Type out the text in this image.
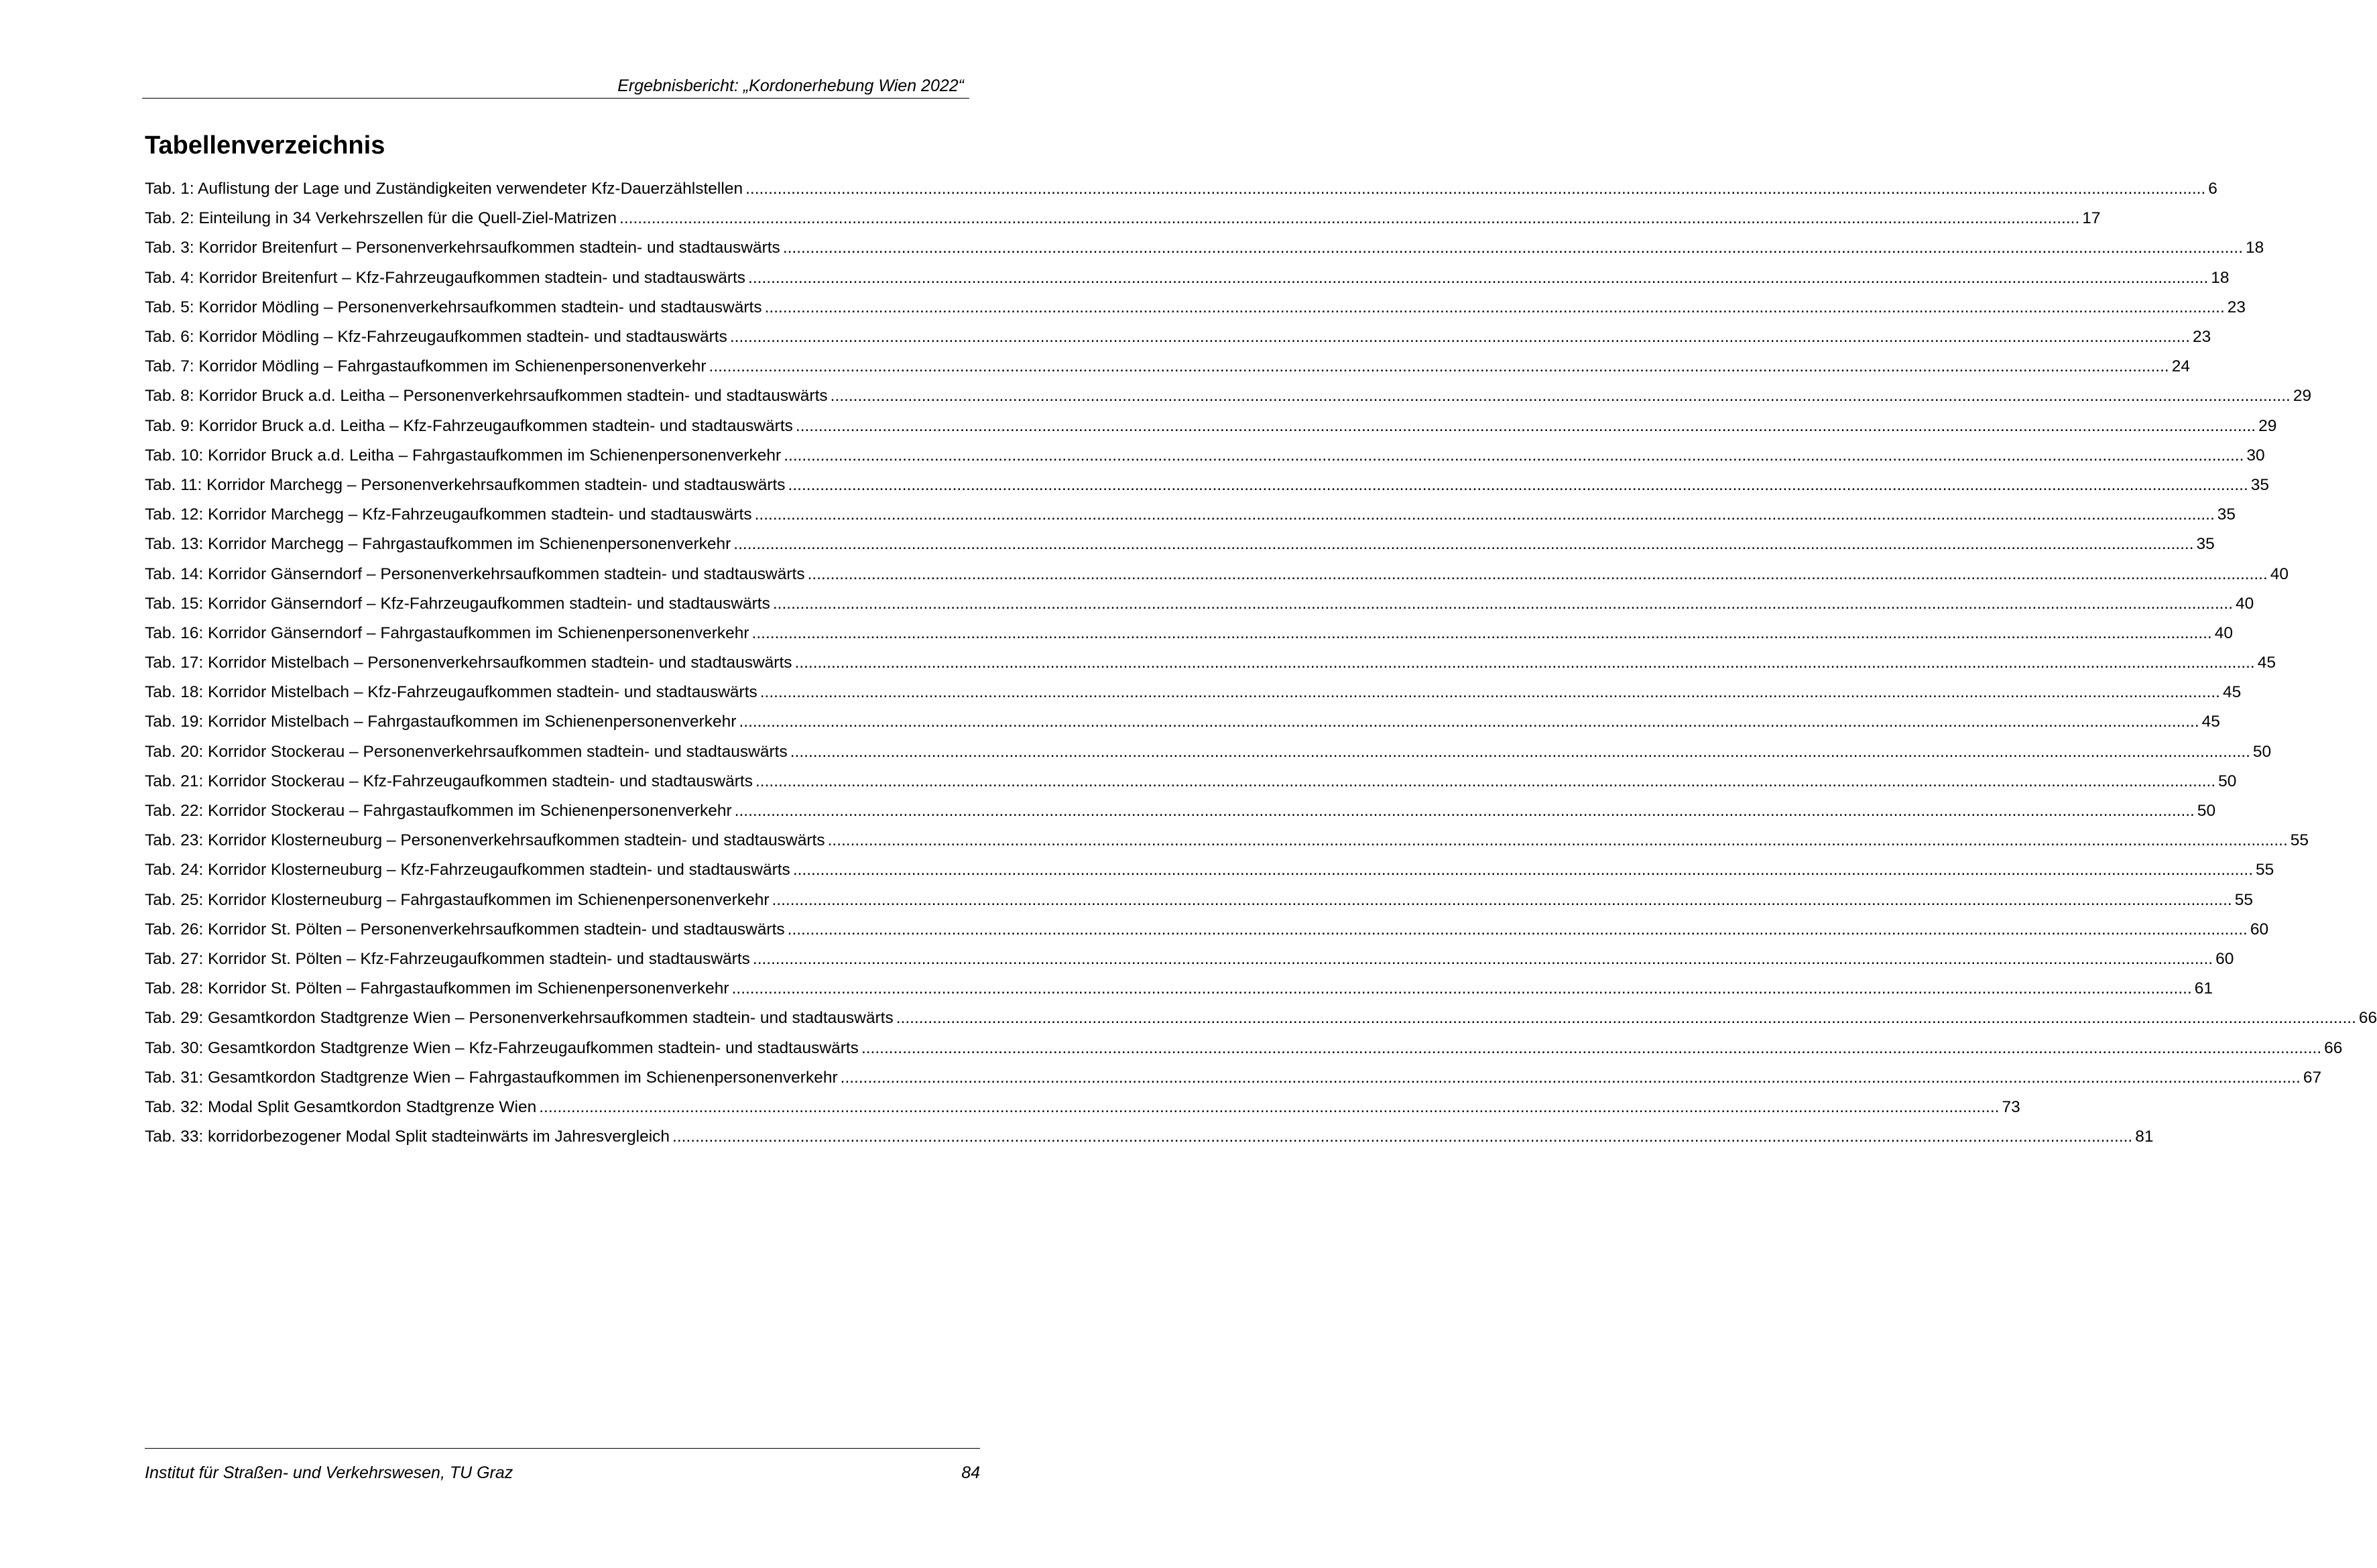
Ergebnisbericht: „Kordonerhebung Wien 2022“
Tabellenverzeichnis
Tab. 1: Auflistung der Lage und Zuständigkeiten verwendeter Kfz-Dauerzählstellen .....	6
Tab. 2: Einteilung in 34 Verkehrszellen für die Quell-Ziel-Matrizen .....	17
Tab. 3: Korridor Breitenfurt – Personenverkehrsaufkommen stadtein- und stadtauswärts .....	18
Tab. 4: Korridor Breitenfurt – Kfz-Fahrzeugaufkommen stadtein- und stadtauswärts .....	18
Tab. 5: Korridor Mödling – Personenverkehrsaufkommen stadtein- und stadtauswärts .....	23
Tab. 6: Korridor Mödling – Kfz-Fahrzeugaufkommen stadtein- und stadtauswärts .....	23
Tab. 7: Korridor Mödling – Fahrgastaufkommen im Schienenpersonenverkehr .....	24
Tab. 8: Korridor Bruck a.d. Leitha – Personenverkehrsaufkommen stadtein- und stadtauswärts .....	29
Tab. 9: Korridor Bruck a.d. Leitha – Kfz-Fahrzeugaufkommen stadtein- und stadtauswärts .....	29
Tab. 10: Korridor Bruck a.d. Leitha – Fahrgastaufkommen im Schienenpersonenverkehr .....	30
Tab. 11: Korridor Marchegg – Personenverkehrsaufkommen stadtein- und stadtauswärts .....	35
Tab. 12: Korridor Marchegg – Kfz-Fahrzeugaufkommen stadtein- und stadtauswärts .....	35
Tab. 13: Korridor Marchegg – Fahrgastaufkommen im Schienenpersonenverkehr .....	35
Tab. 14: Korridor Gänserndorf – Personenverkehrsaufkommen stadtein- und stadtauswärts .....	40
Tab. 15: Korridor Gänserndorf – Kfz-Fahrzeugaufkommen stadtein- und stadtauswärts .....	40
Tab. 16: Korridor Gänserndorf – Fahrgastaufkommen im Schienenpersonenverkehr .....	40
Tab. 17: Korridor Mistelbach – Personenverkehrsaufkommen stadtein- und stadtauswärts .....	45
Tab. 18: Korridor Mistelbach – Kfz-Fahrzeugaufkommen stadtein- und stadtauswärts .....	45
Tab. 19: Korridor Mistelbach – Fahrgastaufkommen im Schienenpersonenverkehr .....	45
Tab. 20: Korridor Stockerau – Personenverkehrsaufkommen stadtein- und stadtauswärts .....	50
Tab. 21: Korridor Stockerau – Kfz-Fahrzeugaufkommen stadtein- und stadtauswärts .....	50
Tab. 22: Korridor Stockerau – Fahrgastaufkommen im Schienenpersonenverkehr .....	50
Tab. 23: Korridor Klosterneuburg – Personenverkehrsaufkommen stadtein- und stadtauswärts .....	55
Tab. 24: Korridor Klosterneuburg – Kfz-Fahrzeugaufkommen stadtein- und stadtauswärts .....	55
Tab. 25: Korridor Klosterneuburg – Fahrgastaufkommen im Schienenpersonenverkehr .....	55
Tab. 26: Korridor St. Pölten – Personenverkehrsaufkommen stadtein- und stadtauswärts .....	60
Tab. 27: Korridor St. Pölten – Kfz-Fahrzeugaufkommen stadtein- und stadtauswärts .....	60
Tab. 28: Korridor St. Pölten – Fahrgastaufkommen im Schienenpersonenverkehr .....	61
Tab. 29: Gesamtkordon Stadtgrenze Wien – Personenverkehrsaufkommen stadtein- und stadtauswärts .....	66
Tab. 30: Gesamtkordon Stadtgrenze Wien – Kfz-Fahrzeugaufkommen stadtein- und stadtauswärts .....	66
Tab. 31: Gesamtkordon Stadtgrenze Wien – Fahrgastaufkommen im Schienenpersonenverkehr .....	67
Tab. 32: Modal Split Gesamtkordon Stadtgrenze Wien .....	73
Tab. 33: korridorbezogener Modal Split stadteinwärts im Jahresvergleich .....	81
Institut für Straßen- und Verkehrswesen, TU Graz	84
